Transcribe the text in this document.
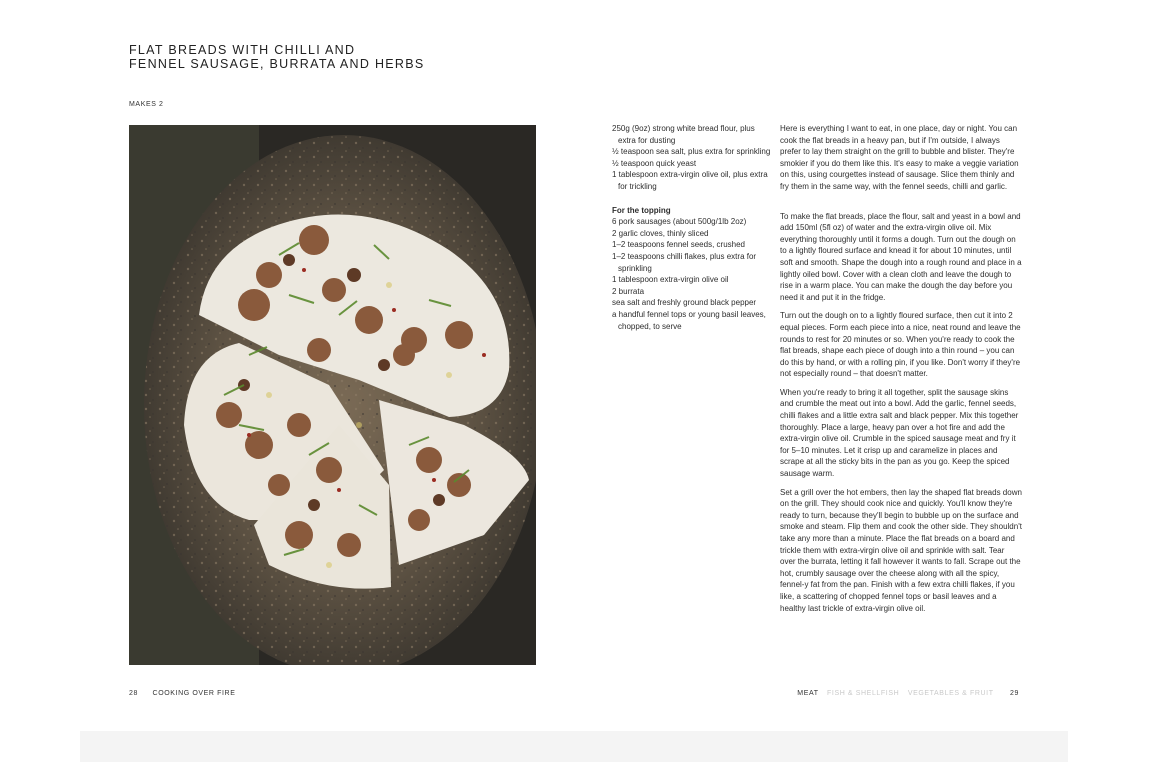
FLAT BREADS WITH CHILLI AND
FENNEL SAUSAGE, BURRATA AND HERBS
MAKES 2
250g (9oz) strong white bread flour, plus extra for dusting
½ teaspoon sea salt, plus extra for sprinkling
½ teaspoon quick yeast
1 tablespoon extra-virgin olive oil, plus extra for trickling
For the topping
6 pork sausages (about 500g/1lb 2oz)
2 garlic cloves, thinly sliced
1–2 teaspoons fennel seeds, crushed
1–2 teaspoons chilli flakes, plus extra for sprinkling
1 tablespoon extra-virgin olive oil
2 burrata
sea salt and freshly ground black pepper
a handful fennel tops or young basil leaves, chopped, to serve

Here is everything I want to eat, in one place, day or night. You can cook the flat breads in a heavy pan, but if I'm outside, I always prefer to lay them straight on the grill to bubble and blister. They're smokier if you do them like this. It's easy to make a veggie variation on this, using courgettes instead of sausage. Slice them thinly and fry them in the same way, with the fennel seeds, chilli and garlic.

To make the flat breads, place the flour, salt and yeast in a bowl and add 150ml (5fl oz) of water and the extra-virgin olive oil. Mix everything thoroughly until it forms a dough. Turn out the dough on to a lightly floured surface and knead it for about 10 minutes, until soft and smooth. Shape the dough into a rough round and place in a lightly oiled bowl. Cover with a clean cloth and leave the dough to rise in a warm place. You can make the dough the day before you need it and put it in the fridge.

Turn out the dough on to a lightly floured surface, then cut it into 2 equal pieces. Form each piece into a nice, neat round and leave the rounds to rest for 20 minutes or so. When you're ready to cook the flat breads, shape each piece of dough into a thin round – you can do this by hand, or with a rolling pin, if you like. Don't worry if they're not especially round – that doesn't matter.

When you're ready to bring it all together, split the sausage skins and crumble the meat out into a bowl. Add the garlic, fennel seeds, chilli flakes and a little extra salt and black pepper. Mix this together thoroughly. Place a large, heavy pan over a hot fire and add the extra-virgin olive oil. Crumble in the spiced sausage meat and fry it for 5–10 minutes. Let it crisp up and caramelize in places and scrape at all the sticky bits in the pan as you go. Keep the spiced sausage warm.

Set a grill over the hot embers, then lay the shaped flat breads down on the grill. They should cook nice and quickly. You'll know they're ready to turn, because they'll begin to bubble up on the surface and smoke and steam. Flip them and cook the other side. They shouldn't take any more than a minute. Place the flat breads on a board and trickle them with extra-virgin olive oil and sprinkle with salt. Tear over the burrata, letting it fall however it wants to fall. Scrape out the hot, crumbly sausage over the cheese along with all the spicy, fennel-y fat from the pan. Finish with a few extra chilli flakes, if you like, a scattering of chopped fennel tops or basil leaves and a healthy last trickle of extra-virgin olive oil.

28 COOKING OVER FIRE	MEAT FISH & SHELLFISH VEGETABLES & FRUIT 29
